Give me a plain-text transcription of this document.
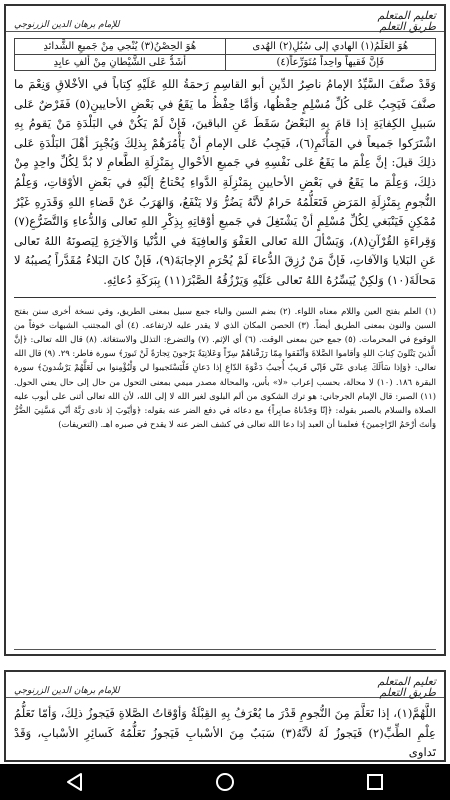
للإمام برهان الدين الزرنوجي
تعليم المتعلم
طريق التعلم
هُوَ العَلَمُ(١) الهادي إلى سُبُلِ(٢) الهُدى
هُوَ الحِصْنُ(٣) يُنْجي مِنْ جَميعِ الشَّدائدِ
فَإنَّ فَقيهاً واحِداً مُتَوَرِّعاً(٤)
أشَدُّ عَلى الشَّيْطانِ مِنْ ألفِ عابِدِ

وَقَدْ صنَّفَ السَّيِّدُ الإمامُ ناصِرُ الدِّينِ أبو القاسِمِ رَحمَةُ اللهِ عَلَيْهِ كِتاباً في الأخْلاقِ وَنِعْمَ ما صنَّفَ فَيَجِبُ عَلى كُلِّ مُسْلِمٍ حِفْظُها، وَأمَّا حِفْظُ ما يَقَعُ في بَعْضِ الأحايينِ(٥) فَفَرْضٌ عَلى سَبيلِ الكِفايَةِ إذا قامَ بِهِ البَعْضُ سَقَطَ عَنِ الباقينَ، فَإنْ لَمْ يَكُنْ في البَلْدَةِ مَنْ يَقومُ بِهِ اشْتَرَكوا جَميعاً في المَأْثَمِ(٦)، فَيَجِبُ عَلى الإمامِ أنْ يَأْمُرَهُمْ بِذلِكَ وَيُجْبِرَ أهْلَ البَلْدَةِ عَلى ذلِكَ قيلَ: إنَّ عِلْمَ ما يَقَعُ عَلى نَفْسِهِ في جَميعِ الأحْوالِ بِمَنْزِلَةِ الطَّعامِ لا بُدَّ لِكُلِّ واحِدٍ مِنْ ذلِكَ، وَعِلْمَ ما يَقَعُ في بَعْضِ الأحايينِ بِمَنْزِلَةِ الدَّواءِ يُحْتاجُ إلَيْهِ في بَعْضِ الأوْقاتِ، وَعِلْمُ النُّجومِ بِمَنْزِلَةِ المَرَضِ فَتَعَلُّمُهُ حَرامٌ لأنَّهُ يَضُرُّ وَلا يَنْفَعُ، وَالهَرَبُ عَنْ قَضاءِ اللهِ وَقَدَرِهِ غَيْرُ مُمْكِنٍ فَيَنْبَغي لِكُلِّ مُسْلِمٍ أنْ يَشْتَغِلَ في جَميعِ أوْقاتِهِ بِذِكْرِ اللهِ تَعالى وَالدُّعاءِ وَالتَّضَرُّعِ(٧) وَقِراءَةِ القُرْآنِ(٨)، وَيَسْألَ اللهَ تَعالى العَفْوَ وَالعافِيَةَ في الدُّنْيا وَالآخِرَةِ لِيَصونَهُ اللهُ تَعالى عَنِ البَلايا وَالآفاتِ، فَإنَّ مَنْ رُزِقَ الدُّعاءَ لَمْ يُحْرَمِ الإجابَةَ(٩)، فَإنْ كانَ البَلاءُ مُقَدَّراً يُصيبُهُ لا مَحالَةَ(١٠) وَلكِنْ يُيَسِّرُهُ اللهُ تَعالى عَلَيْهِ وَيَرْزُقُهُ الصَّبْرَ(١١) بِبَرَكَةِ دُعائِهِ.

(١) العلم بفتح العين واللام معناه اللواء. (٢) بضم السين والباء جمع سبيل بمعنى الطريق، وفي نسخة أخرى سنن بفتح السين والنون بمعنى الطريق أيضاً. (٣) الحصن المكان الذي لا يقدر عليه لارتفاعه. (٤) أي المجتنب الشبهات خوفاً من الوقوع في المحرمات. (٥) جمع حين بمعنى الوقت. (٦) أي الإثم. (٧) والتضرع: التذلل والاستغاثة. (٨) قال الله تعالى: ﴿إنَّ الَّذينَ يَتْلونَ كِتابَ اللهِ وَأقاموا الصَّلاةَ وَأنْفَقوا مِمّا رَزَقْناهُمْ سِرّاً وَعَلانِيَةً يَرْجونَ تِجارَةً لَنْ تَبورَ﴾ سورة فاطر: ٢٩. (٩) قال الله تعالى: ﴿وَإذا سَألَكَ عِبادي عَنّي فَإنّي قَريبٌ أُجيبُ دَعْوَةَ الدّاعِ إذا دَعانِ فَلْيَسْتَجيبوا لي وَلْيُؤْمِنوا بي لَعَلَّهُمْ يَرْشُدونَ﴾ سورة البقرة ١٨٦. (١٠) لا محالة، بحسب إعراب «لا» بأس، والمحالة مصدر ميمي بمعنى التحول من حال إلى حال يعني الحول. (١١) الصبر: قال الإمام الجرجاني: هو ترك الشكوى من ألم البلوى لغير الله لا إلى الله، لأن الله تعالى أثنى على أيوب عليه الصلاة والسلام بالصبر بقوله: ﴿إنّا وَجَدْناهُ صابِراً﴾ مع دعائه في دفع الضر عنه بقوله: ﴿وَأيّوبَ إذ نادى رَبَّهُ أنّي مَسَّنِيَ الضُّرُّ وَأنتَ أرْحَمُ الرّاحِمينَ﴾ فعلمنا أن العبد إذا دعا الله تعالى في كشف الضر عنه لا يقدح في صبره اهـ. (التعريفات)

للإمام برهان الدين الزرنوجي
تعليم المتعلم
طريق التعلم

اللَّهُمَّ(١)، إذا تَعَلَّمَ مِنَ النُّجومِ قَدْرَ ما يُعْرَفُ بِهِ القِبْلَةُ وَأوْقاتُ الصَّلاةِ فَيَجوزُ ذلِكَ، وَأمّا تَعَلُّمُ عِلْمِ الطِّبِّ(٢) فَيَجوزُ لَهُ لأنَّهُ(٣) سَبَبٌ مِنَ الأسْبابِ فَيَجوزُ تَعَلُّمُهُ كَسائِرِ الأسْبابِ، وَقَدْ تَداوى
